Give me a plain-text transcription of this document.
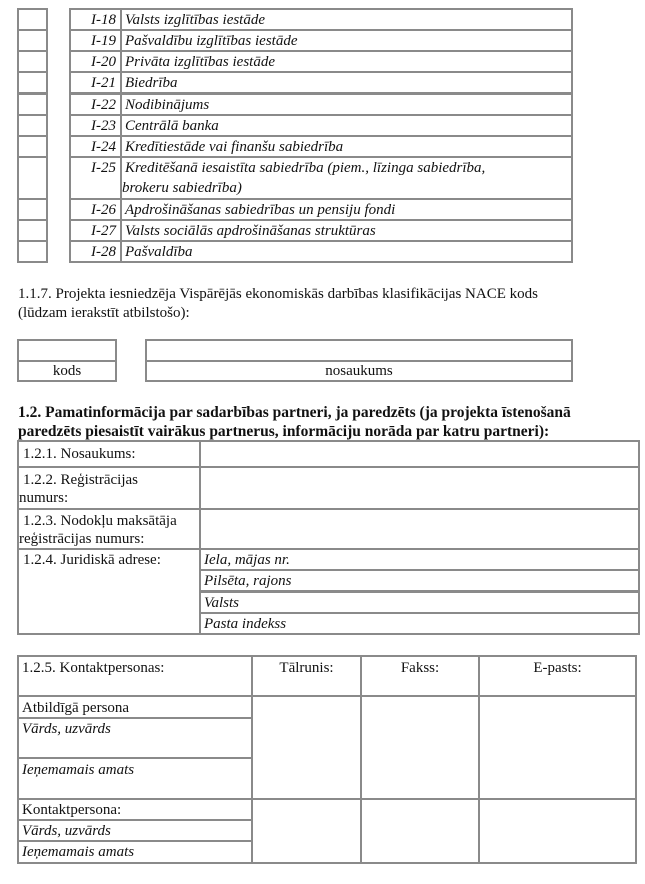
I-18 Valsts izglītības iestāde
I-19 Pašvaldību izglītības iestāde
I-20 Privāta izglītības iestāde
I-21 Biedrība
I-22 Nodibinājums
I-23 Centrālā banka
I-24 Kredītiestāde vai finanšu sabiedrība
I-25 Kreditēšanā iesaistīta sabiedrība (piem., līzinga sabiedrība,
brokeru sabiedrība)
I-26 Apdrošināšanas sabiedrības un pensiju fondi
I-27 Valsts sociālās apdrošināšanas struktūras
I-28 Pašvaldība
1.1.7. Projekta iesniedzēja Vispārējās ekonomiskās darbības klasifikācijas NACE kods
(lūdzam ierakstīt atbilstošo):
kods	nosaukums
1.2. Pamatinformācija par sadarbības partneri, ja paredzēts (ja projekta īstenošanā
paredzēts piesaistīt vairākus partnerus, informāciju norāda par katru partneri):
1.2.1. Nosaukums:
1.2.2. Reģistrācijas
numurs:
1.2.3. Nodokļu maksātāja
reģistrācijas numurs:
1.2.4. Juridiskā adrese:	Iela, mājas nr.
Pilsēta, rajons
Valsts
Pasta indekss
1.2.5. Kontaktpersonas:	Tālrunis:	Fakss:	E-pasts:
Atbildīgā persona
Vārds, uzvārds
Ieņemamais amats
Kontaktpersona:
Vārds, uzvārds
Ieņemamais amats
